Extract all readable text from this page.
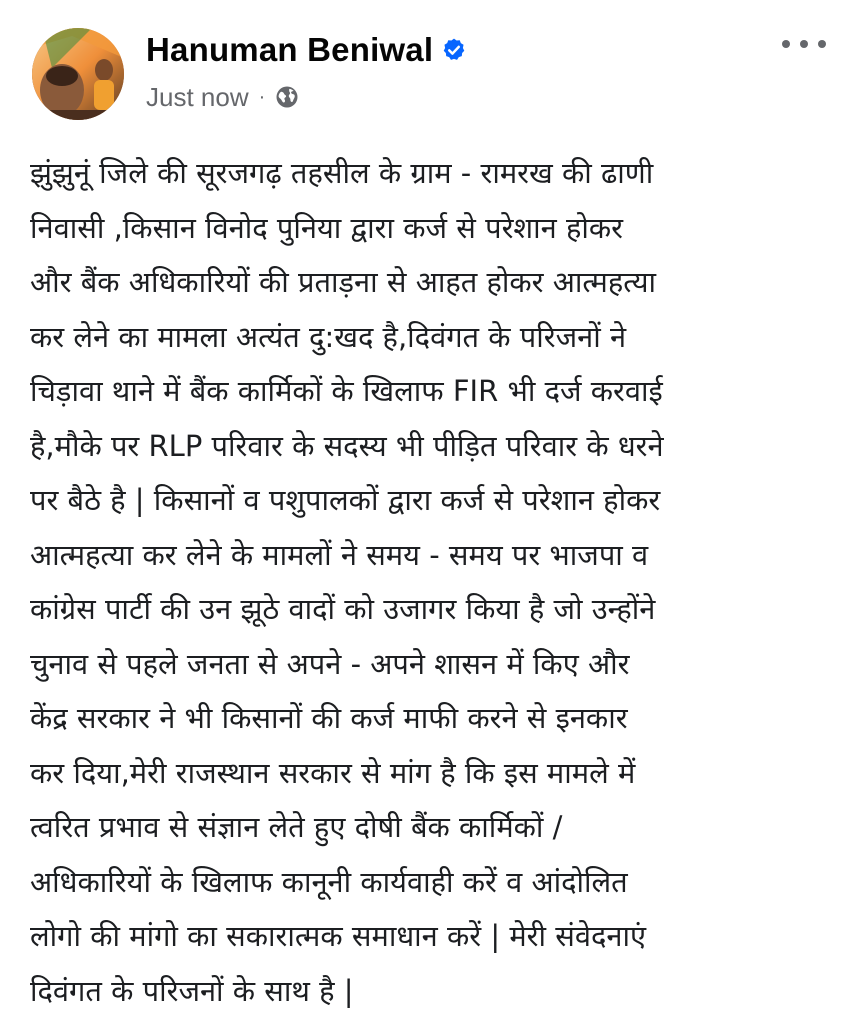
Hanuman Beniwal
Just now ·
झुंझुनूं जिले की सूरजगढ़ तहसील के ग्राम - रामरख की ढाणी
निवासी ,किसान विनोद पुनिया द्वारा कर्ज से परेशान होकर
और बैंक अधिकारियों की प्रताड़ना से आहत होकर आत्महत्या
कर लेने का मामला अत्यंत दु:खद है,दिवंगत के परिजनों ने
चिड़ावा थाने में बैंक कार्मिकों के खिलाफ FIR भी दर्ज करवाई
है,मौके पर RLP परिवार के सदस्य भी पीड़ित परिवार के धरने
पर बैठे है | किसानों व पशुपालकों द्वारा कर्ज से परेशान होकर
आत्महत्या कर लेने के मामलों ने समय - समय पर भाजपा व
कांग्रेस पार्टी की उन झूठे वादों को उजागर किया है जो उन्होंने
चुनाव से पहले जनता से अपने - अपने शासन में किए और
केंद्र सरकार ने भी किसानों की कर्ज माफी करने से इनकार
कर दिया,मेरी राजस्थान सरकार से मांग है कि इस मामले में
त्वरित प्रभाव से संज्ञान लेते हुए दोषी बैंक कार्मिकों /
अधिकारियों के खिलाफ कानूनी कार्यवाही करें व आंदोलित
लोगो की मांगो का सकारात्मक समाधान करें | मेरी संवेदनाएं
दिवंगत के परिजनों के साथ है |
